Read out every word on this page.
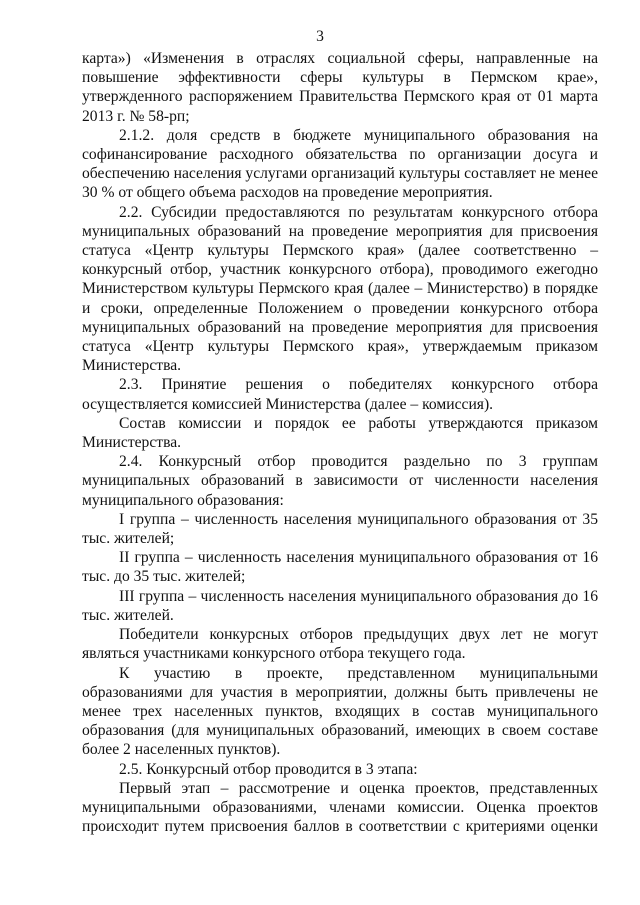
3

карта») «Изменения в отраслях социальной сферы, направленные на повышение эффективности сферы культуры в Пермском крае», утвержденного распоряжением Правительства Пермского края от 01 марта 2013 г. № 58-рп;

2.1.2. доля средств в бюджете муниципального образования на софинансирование расходного обязательства по организации досуга и обеспечению населения услугами организаций культуры составляет не менее 30 % от общего объема расходов на проведение мероприятия.

2.2. Субсидии предоставляются по результатам конкурсного отбора муниципальных образований на проведение мероприятия для присвоения статуса «Центр культуры Пермского края» (далее соответственно – конкурсный отбор, участник конкурсного отбора), проводимого ежегодно Министерством культуры Пермского края (далее – Министерство) в порядке и сроки, определенные Положением о проведении конкурсного отбора муниципальных образований на проведение мероприятия для присвоения статуса «Центр культуры Пермского края», утверждаемым приказом Министерства.

2.3. Принятие решения о победителях конкурсного отбора осуществляется комиссией Министерства (далее – комиссия).

Состав комиссии и порядок ее работы утверждаются приказом Министерства.

2.4. Конкурсный отбор проводится раздельно по 3 группам муниципальных образований в зависимости от численности населения муниципального образования:

I группа – численность населения муниципального образования от 35 тыс. жителей;

II группа – численность населения муниципального образования от 16 тыс. до 35 тыс. жителей;

III группа – численность населения муниципального образования до 16 тыс. жителей.

Победители конкурсных отборов предыдущих двух лет не могут являться участниками конкурсного отбора текущего года.

К участию в проекте, представленном муниципальными образованиями для участия в мероприятии, должны быть привлечены не менее трех населенных пунктов, входящих в состав муниципального образования (для муниципальных образований, имеющих в своем составе более 2 населенных пунктов).

2.5. Конкурсный отбор проводится в 3 этапа:

Первый этап – рассмотрение и оценка проектов, представленных муниципальными образованиями, членами комиссии. Оценка проектов происходит путем присвоения баллов в соответствии с критериями оценки
